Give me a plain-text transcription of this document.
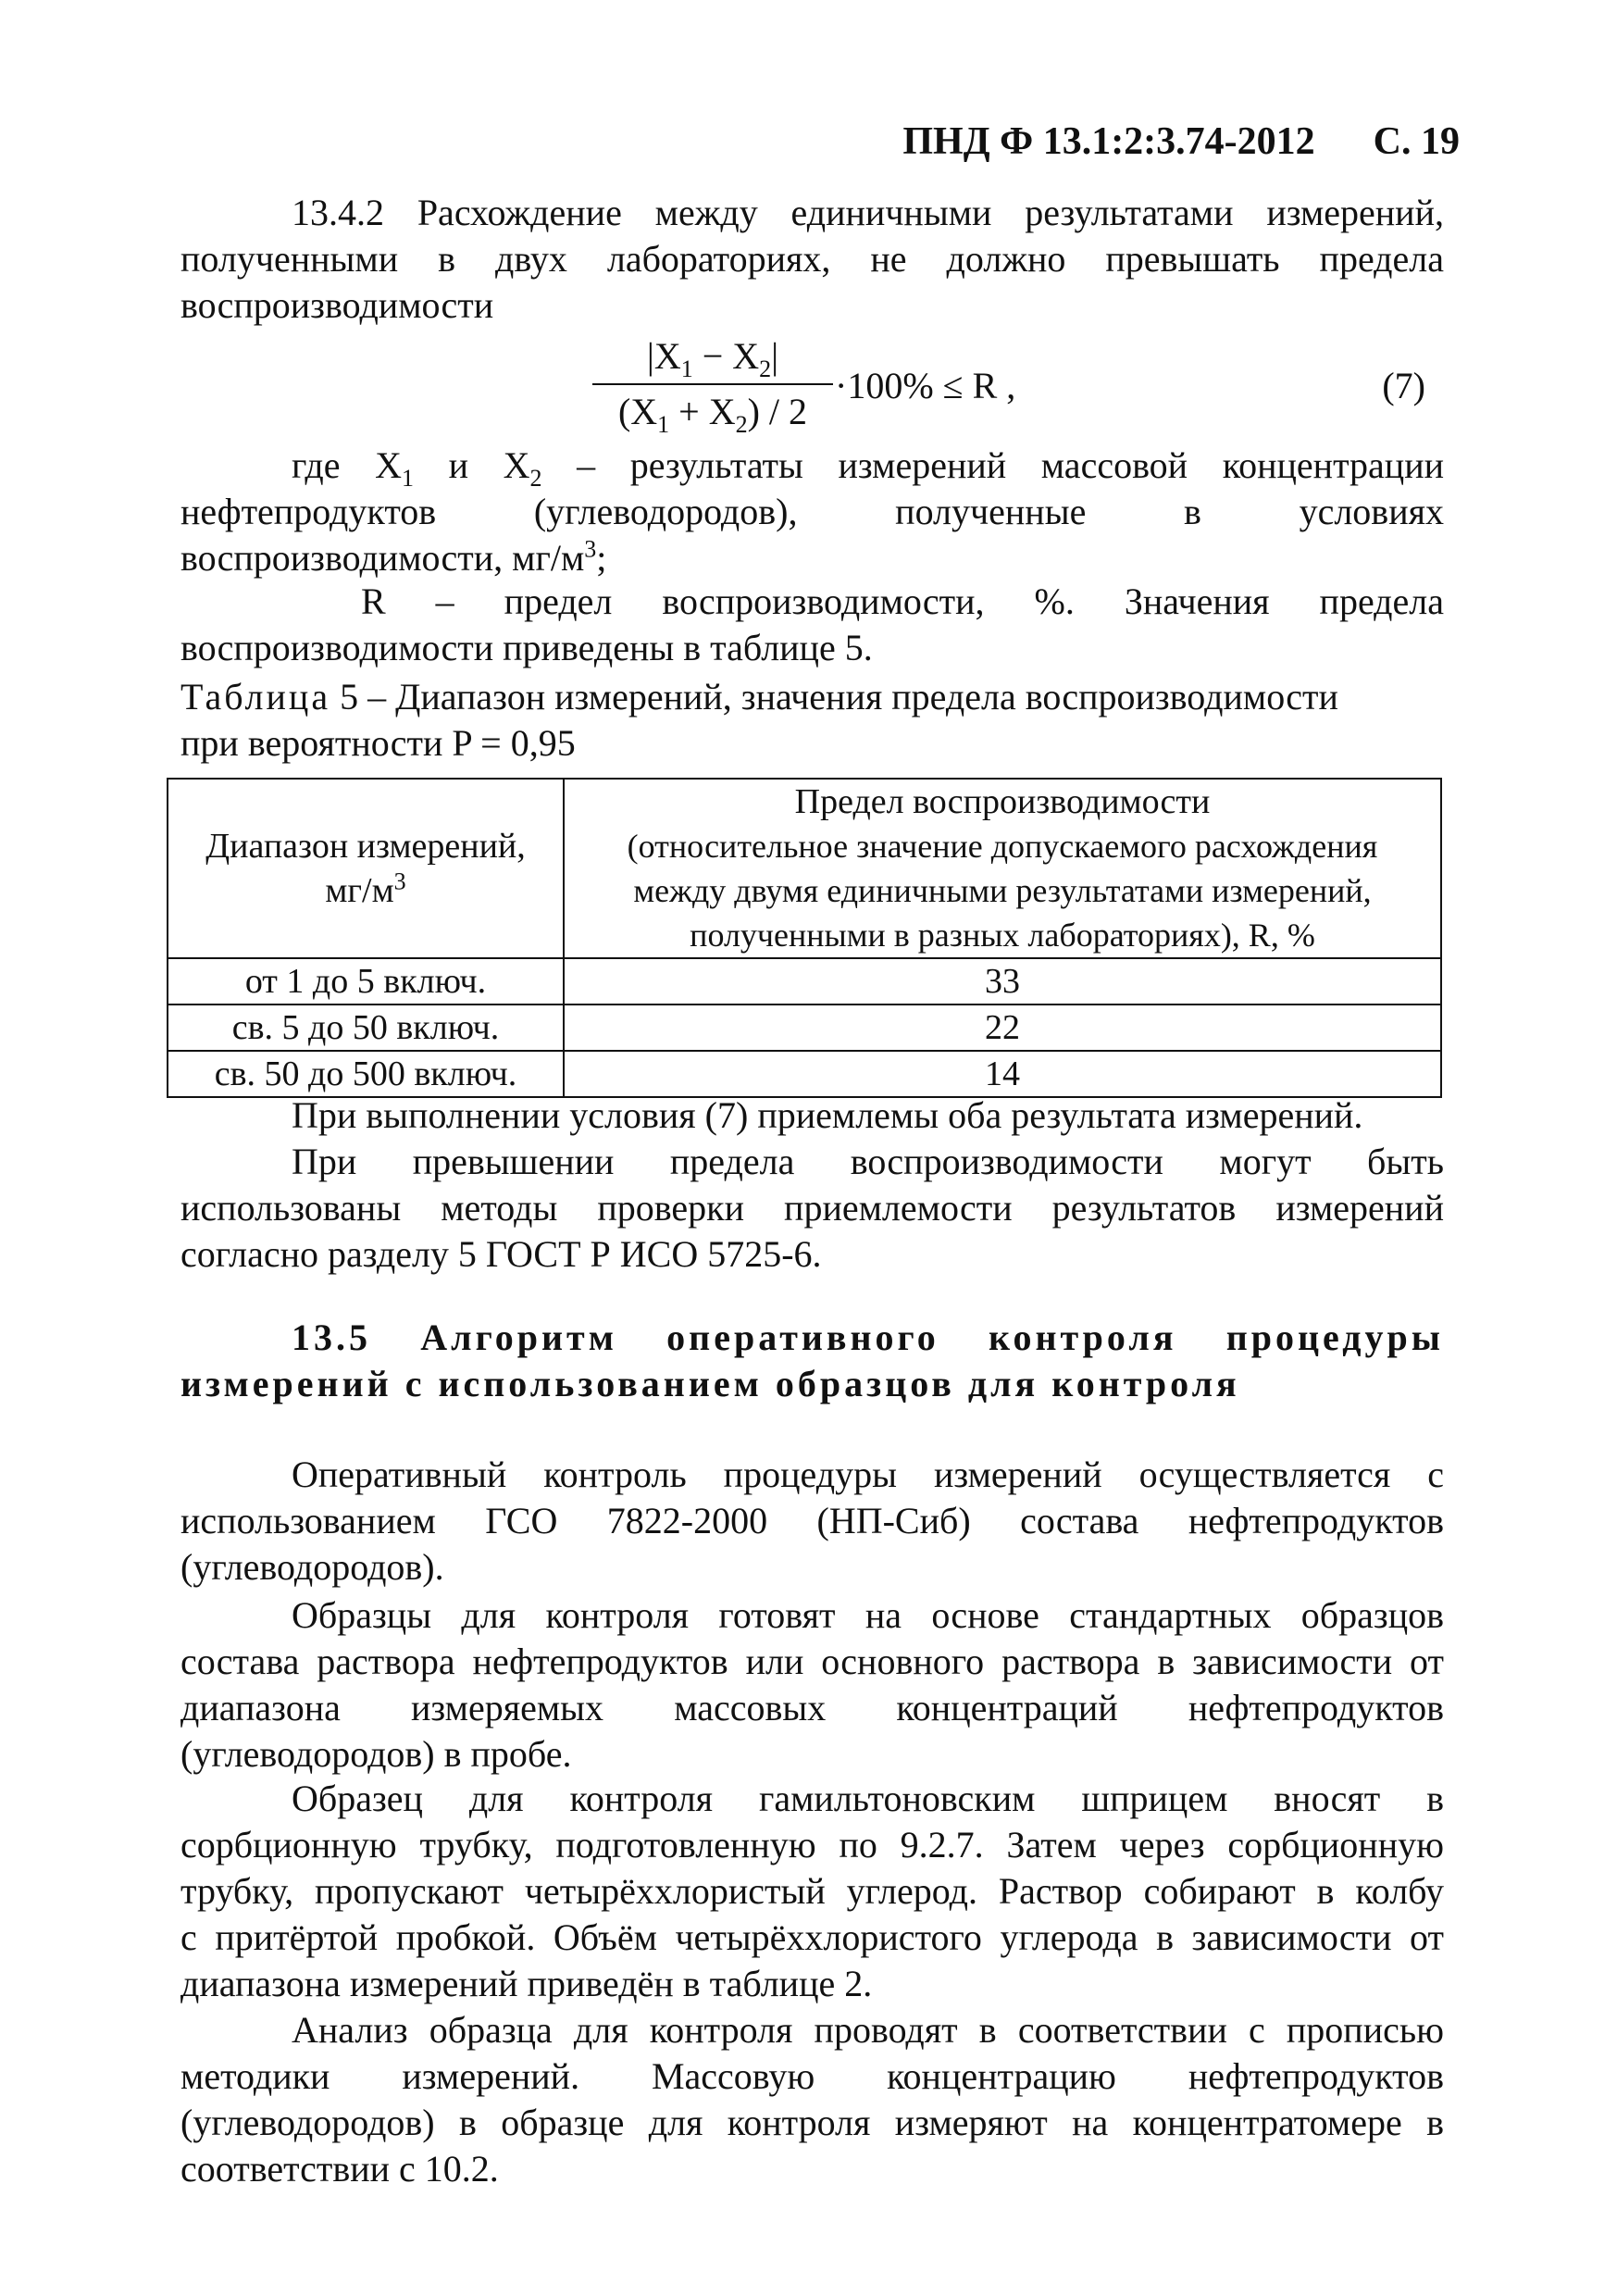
ПНД Ф 13.1:2:3.74-2012 С. 19
13.4.2 Расхождение между единичными результатами измерений,
полученными в двух лабораториях, не должно превышать предела
воспроизводимости
$\frac{|X_1 - X_2|}{(X_1 + X_2) / 2} \cdot 100\% \le R$ ,	(7)
где $X_1$ и $X_2$ – результаты измерений массовой концентрации
нефтепродуктов (углеводородов), полученные в условиях
воспроизводимости, $мг/м^3$;
R – предел воспроизводимости, %. Значения предела
воспроизводимости приведены в таблице 5.
Таблица 5 – Диапазон измерений, значения предела воспроизводимости
при вероятности P = 0,95
Диапазон измерений,
$мг/м^3$	Предел воспроизводимости
(относительное значение допускаемого расхождения
между двумя единичными результатами измерений,
полученными в разных лабораториях), R, %

от 1 до 5 включ.	33
св. 5 до 50 включ.	22
св. 50 до 500 включ.	14
При выполнении условия (7) приемлемы оба результата измерений.
При превышении предела воспроизводимости могут быть
использованы методы проверки приемлемости результатов измерений
согласно разделу 5 ГОСТ Р ИСО 5725-6.
13.5 Алгоритм оперативного контроля процедуры
измерений с использованием образцов для контроля
Оперативный контроль процедуры измерений осуществляется с
использованием ГСО 7822-2000 (НП-Сиб) состава нефтепродуктов
(углеводородов).
Образцы для контроля готовят на основе стандартных образцов
состава раствора нефтепродуктов или основного раствора в зависимости от
диапазона измеряемых массовых концентраций нефтепродуктов
(углеводородов) в пробе.
Образец для контроля гамильтоновским шприцем вносят в
сорбционную трубку, подготовленную по 9.2.7. Затем через сорбционную
трубку, пропускают четырёххлористый углерод. Раствор собирают в колбу
с притёртой пробкой. Объём четырёххлористого углерода в зависимости от
диапазона измерений приведён в таблице 2.
Анализ образца для контроля проводят в соответствии с прописью
методики измерений. Массовую концентрацию нефтепродуктов
(углеводородов) в образце для контроля измеряют на концентратомере в
соответствии с 10.2.
